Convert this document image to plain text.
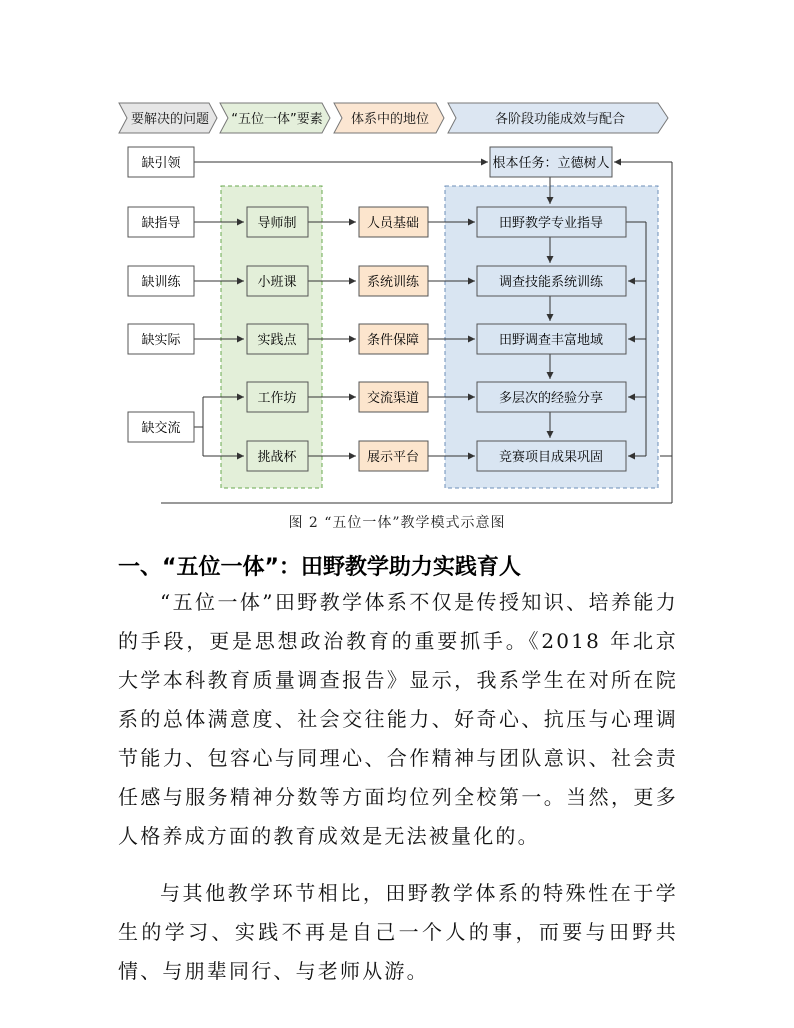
要解决的问题 “五位一体”要素 体系中的地位	各阶段功能成效与配合
缺引领
缺指导
缺训练
缺实际
缺交流
导师制
小班课
实践点
工作坊
挑战杯
人员基础
系统训练
条件保障
交流渠道
展示平台
根本任务：立德树人
田野教学专业指导
调查技能系统训练
田野调查丰富地域
多层次的经验分享
竞赛项目成果巩固
图 2 “五位一体”教学模式示意图
一、“五位一体”：田野教学助力实践育人
“五位一体”田野教学体系不仅是传授知识、培养能力的手段，更是思想政治教育的重要抓手。《2018 年北京大学本科教育质量调查报告》显示，我系学生在对所在院系的总体满意度、社会交往能力、好奇心、抗压与心理调节能力、包容心与同理心、合作精神与团队意识、社会责任感与服务精神分数等方面均位列全校第一。当然，更多人格养成方面的教育成效是无法被量化的。
与其他教学环节相比，田野教学体系的特殊性在于学生的学习、实践不再是自己一个人的事，而要与田野共情、与朋辈同行、与老师从游。
